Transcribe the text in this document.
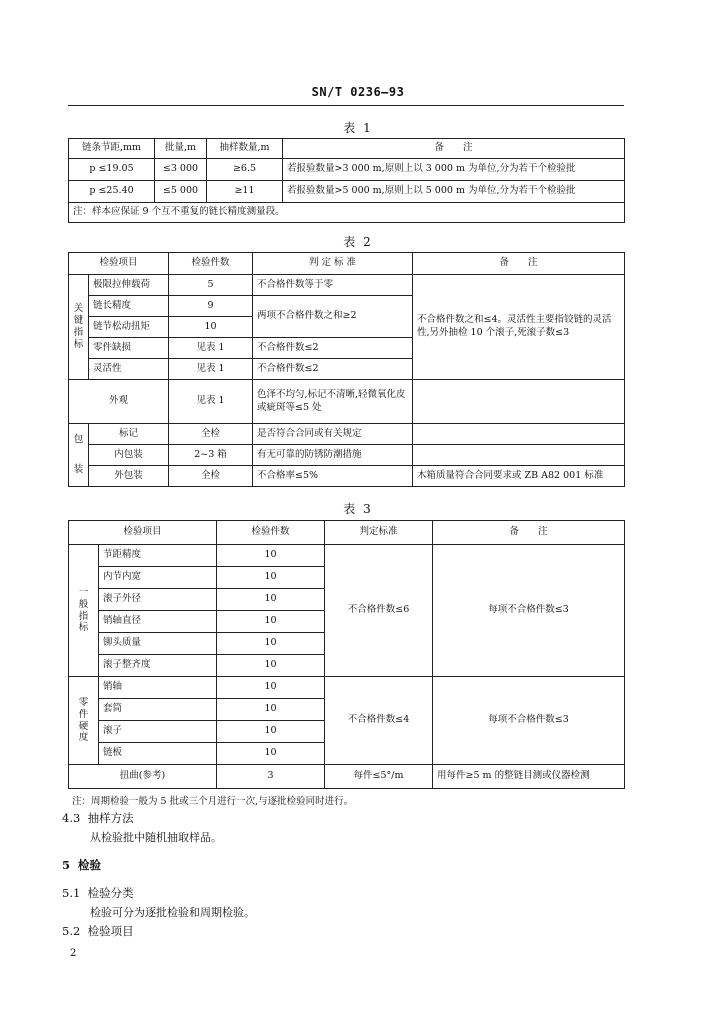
SN/T 0236—93
表 1
链条节距,mm	批量,m	抽样数量,m	备　　注
p ≤19.05	≤3 000	≥6.5	若报验数量>3 000 m,原则上以 3 000 m 为单位,分为若干个检验批
p ≤25.40	≤5 000	≥11	若报验数量>5 000 m,原则上以 5 000 m 为单位,分为若干个检验批
注：样本应保证 9 个互不重复的链长精度测量段。			
表 2
检验项目		检验件数	判 定 标 准	备　　注

关
键
指
标	极限拉伸载荷	5	不合格件数等于零	不合格件数之和≤4。灵活性主要指铰链的灵活性,另外抽检 10 个滚子,死滚子数≤3
	链长精度	9	两项不合格件数之和≥2	
	链节松动扭矩	10		
	零件缺损	见表 1	不合格件数≤2	
	灵活性	见表 1	不合格件数≤2	
外观		见表 1	色泽不均匀,标记不清晰,轻微氧化皮或疵斑等≤5 处	

包
装	标记	全检	是否符合合同或有关规定	
	内包装	2~3 箱	有无可靠的防锈防潮措施	
	外包装	全检	不合格率≤5%	木箱质量符合合同要求或 ZB A82 001 标准
表 3
检验项目		检验件数	判定标准	备　　注

一
般
指
标	节距精度	10	不合格件数≤6	每项不合格件数≤3
	内节内宽	10		
	滚子外径	10		
	销轴直径	10		
	铆头质量	10		
	滚子整齐度	10		

零
件
硬
度	销轴	10	不合格件数≤4	每项不合格件数≤3
	套筒	10		
	滚子	10		
	链板	10		
扭曲(参考)		3	每件≤5°/m	用每件≥5 m 的整链目测或仪器检测
注：周期检验一般为 5 批或三个月进行一次,与逐批检验同时进行。
4.3 抽样方法
从检验批中随机抽取样品。
5 检验
5.1 检验分类
检验可分为逐批检验和周期检验。
5.2 检验项目
2
